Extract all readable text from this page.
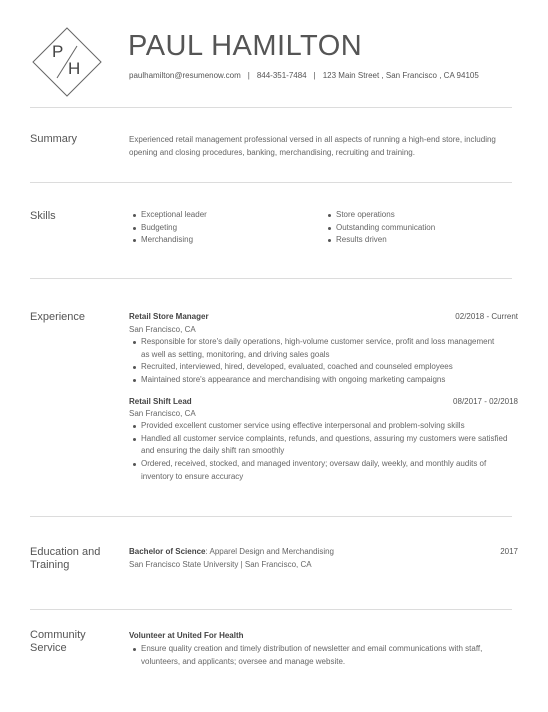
P
H
PAUL HAMILTON
paulhamilton@resumenow.com | 844-351-7484 | 123 Main Street , San Francisco , CA 94105
Summary	Experienced retail management professional versed in all aspects of running a high-end store, including opening and closing procedures, banking, merchandising, recruiting and training.
Skills	Exceptional leader
Budgeting
Merchandising
Store operations
Outstanding communication
Results driven
Experience	Retail Store Manager	02/2018 - Current
San Francisco, CA
Responsible for store's daily operations, high-volume customer service, profit and loss management as well as setting, monitoring, and driving sales goals
Recruited, interviewed, hired, developed, evaluated, coached and counseled employees
Maintained store's appearance and merchandising with ongoing marketing campaigns
Retail Shift Lead	08/2017 - 02/2018
San Francisco, CA
Provided excellent customer service using effective interpersonal and problem-solving skills
Handled all customer service complaints, refunds, and questions, assuring my customers were satisfied and ensuring the daily shift ran smoothly
Ordered, received, stocked, and managed inventory; oversaw daily, weekly, and monthly audits of inventory to ensure accuracy
Education and
Training
Bachelor of Science: Apparel Design and Merchandising	2017
San Francisco State University | San Francisco, CA
Community
Service
Volunteer at United For Health
Ensure quality creation and timely distribution of newsletter and email communications with staff, volunteers, and applicants; oversee and manage website.
